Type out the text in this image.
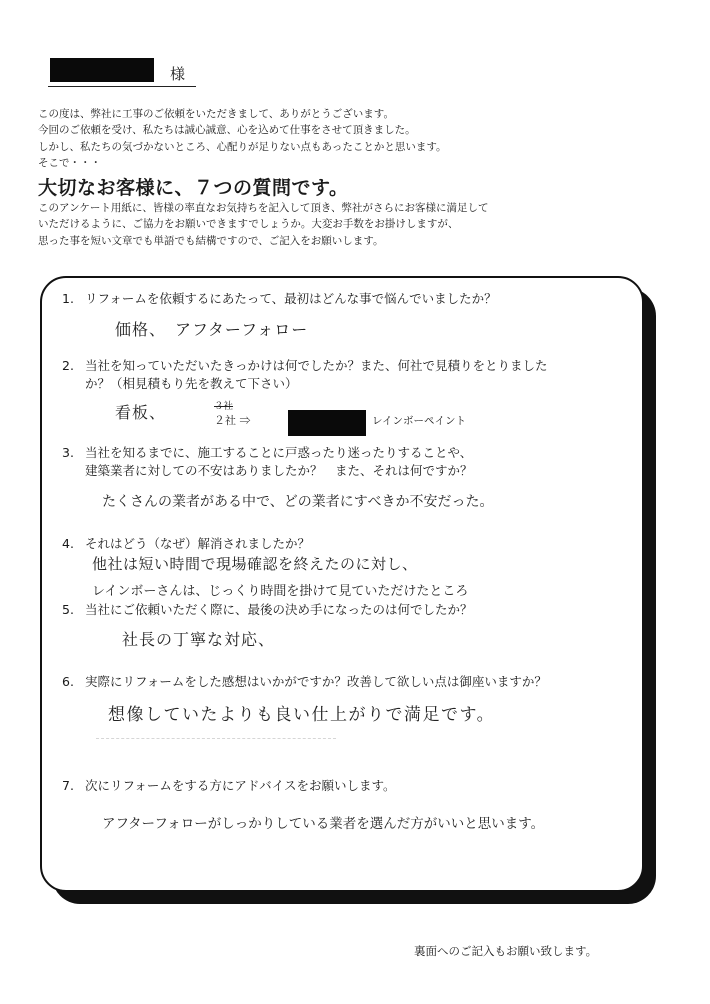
様
この度は、弊社に工事のご依頼をいただきまして、ありがとうございます。
今回のご依頼を受け、私たちは誠心誠意、心を込めて仕事をさせて頂きました。
しかし、私たちの気づかないところ、心配りが足りない点もあったことかと思います。
そこで・・・
大切なお客様に、７つの質問です。
このアンケート用紙に、皆様の率直なお気持ちを記入して頂き、弊社がさらにお客様に満足して
いただけるように、ご協力をお願いできますでしょうか。大変お手数をお掛けしますが、
思った事を短い文章でも単語でも結構ですので、ご記入をお願いします。
1. リフォームを依頼するにあたって、最初はどんな事で悩んでいましたか？
価格、　アフターフォロー
2. 当社を知っていただいたきっかけは何でしたか？また、何社で見積りをとりました
か？（相見積もり先を教えて下さい）
看板、	３社
２社 ⇒	レインボーペイント
3. 当社を知るまでに、施工することに戸惑ったり迷ったりすることや、
建築業者に対しての不安はありましたか？　また、それは何ですか？
たくさんの業者がある中で、どの業者にすべきか不安だった。
4. それはどう（なぜ）解消されましたか？
他社は短い時間で現場確認を終えたのに対し、
レインボーさんは、じっくり時間を掛けて見ていただけたところ
5. 当社にご依頼いただく際に、最後の決め手になったのは何でしたか？
社長の丁寧な対応、
6. 実際にリフォームをした感想はいかがですか？改善して欲しい点は御座いますか？
想像していたよりも良い仕上がりで満足です。
7. 次にリフォームをする方にアドバイスをお願いします。
アフターフォローがしっかりしている業者を選んだ方がいいと思います。
裏面へのご記入もお願い致します。
